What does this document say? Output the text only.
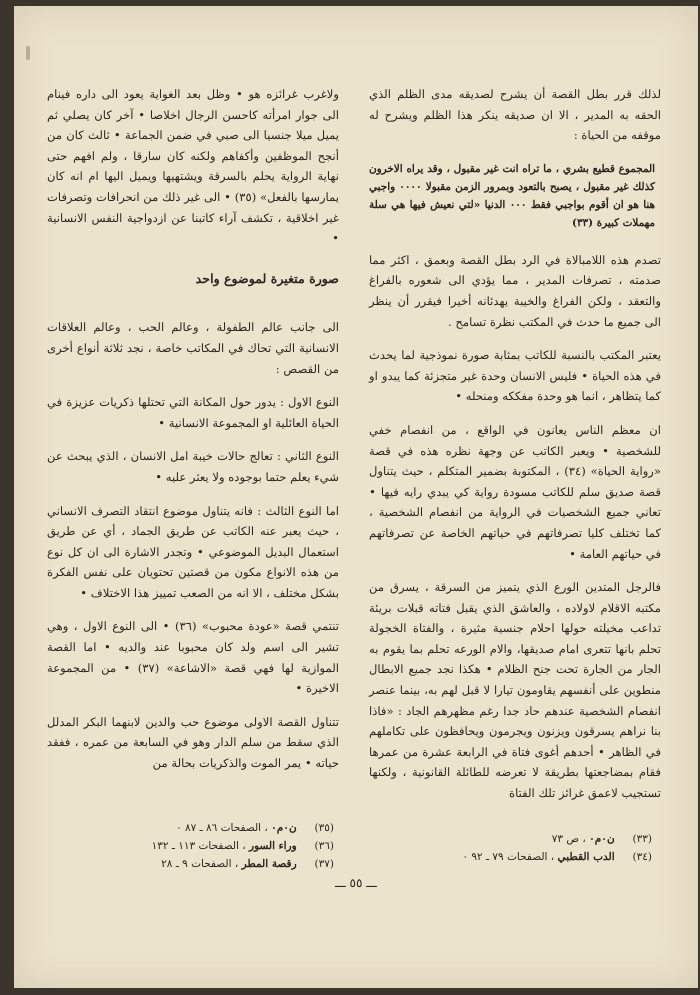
لذلك قرر بطل القصة أن يشرح لصديقه مدى الظلم الذي الحقه به المدير ، الا ان صديقه ينكر هذا الظلم ويشرح له موقفه من الحياة :

المجموع قطيع بشري ، ما تراه انت غير مقبول ، وقد يراه الاخرون كذلك غير مقبول ، يصبح بالتعود وبمرور الزمن مقبولا ٠٠٠٠ واجبي هنا هو ان أقوم بواجبي فقط ٠٠٠ الدنيا «لتي نعيش فيها هي سلة مهملات كبيرة (٣٣)

تصدم هذه اللامبالاة في الرد بطل القصة وبعمق ، اكثر مما صدمته ، تصرفات المدير ، مما يؤدي الى شعوره بالفراغ والتعقد ، ولكن الفراغ والخيبة يهدئانه أخيرا فيقرر أن ينظر الى جميع ما حدث في المكتب نظرة تسامح .

يعتبر المكتب بالنسبة للكاتب بمثابة صورة نموذجية لما يحدث في هذه الحياة • فليس الانسان وحدة غير متجزئة كما يبدو او كما يتظاهر ، انما هو وحدة مفككه ومنحله •

ان معظم الناس يعانون في الواقع ، من انفصام خفي للشخصية • ويعبر الكاتب عن وجهة نظره هذه في قصة «رواية الحياة» (٣٤) ، المكتوبة بضمير المتكلم ، حيث يتناول قصة صديق سلم للكاتب مسودة رواية كي يبدي رايه فيها • تعاني جميع الشخصيات في الرواية من انفصام الشخصية ، كما تختلف كليا تصرفاتهم في حياتهم الخاصة عن تصرفاتهم في حياتهم العامة •

فالرجل المتدين الورع الذي يتميز من السرقة ، يسرق من مكتبه الاقلام لاولاده ، والعاشق الذي يقبل فتاته قبلات بريئة تداعب مخيلته حولها احلام جنسية مثيرة ، والفتاة الخجولة تحلم بانها تتعرى امام صديقها، والام الورعه تحلم بما يقوم به الجار من الجارة تحت جنح الظلام • هكذا نجد جميع الابطال منطوين على أنفسهم يقاومون تيارا لا قبل لهم به، بينما عنصر انفصام الشخصية عندهم حاد جدا رغم مظهرهم الجاد : «فاذا بنا نراهم يسرقون ويزنون ويجرمون ويحافظون على تكاملهم في الظاهر • أحدهم أغوى فتاة في الرابعة عشرة من عمرها فقام بمضاجعتها بطريقة لا تعرضه للطائلة القانونية ، ولكنها تستجيب لاعمق غرائز تلك الفتاة

ولاغرب غرائزه هو • وظل بعد الغواية يعود الى داره فينام الى جوار امرأته كاحسن الرجال اخلاصا • آخر كان يصلي ثم يميل ميلا جنسيا الى صبي في ضمن الجماعة • ثالث كان من أنجح الموظفين وأكفاهم ولكنه كان سارقا ، ولم افهم حتى نهاية الرواية يحلم بالسرقة ويشتهيها ويميل اليها ام انه كان يمارسها بالفعل» (٣٥) • الى غير ذلك من انحرافات وتصرفات غير اخلاقية ، تكشف آراء كاتبنا عن ازدواجية النفس الانسانية •

صورة متغيرة لموضوع واحد

الى جانب عالم الطفولة ، وعالم الحب ، وعالم العلاقات الانسانية التي تحاك في المكاتب خاصة ، نجد ثلاثة أنواع أخرى من القصص :

النوع الاول : يدور حول المكانة التي تحتلها ذكريات عزيزة في الحياة العائلية او المجموعة الانسانية •

النوع الثاني : تعالج حالات خيبة امل الانسان ، الذي يبحث عن شيء يعلم حتما بوجوده ولا يعثر عليه •

اما النوع الثالث : فانه يتناول موضوع انتقاد التصرف الانساني ، حيث يعبر عنه الكاتب عن طريق الجماد ، أي عن طريق استعمال البديل الموضوعي • وتجدر الاشارة الى ان كل نوع من هذه الانواع مكون من قصتين تحتويان على نفس الفكرة بشكل مختلف ، الا انه من الصعب تمييز هذا الاختلاف •

تنتمي قصة «عودة محبوب» (٣٦) • الى النوع الاول ، وهي تشير الى اسم ولد كان محبوبا عند والديه • اما القصة الموازية لها فهي قصة «الاشاعة» (٣٧) • من المجموعة الاخيرة •

تتناول القصة الاولى موضوع حب والدين لابنهما البكر المدلل الذي سقط من سلم الدار وهو في السابعة من عمره ، ففقد حياته • يمر الموت والذكريات بحالة من

(٣٣) ن٠م٠ ، ص ٧٣
(٣٤) الدب القطبي ، الصفحات ٧٩ ـ ٩٢ ٠
(٣٥) ن٠م٠ ، الصفحات ٨٦ ـ ٨٧ ٠
(٣٦) وراء السور ، الصفحات ١١٣ ـ ١٣٢
(٣٧) رقصة المطر ، الصفحات ٩ ـ ٢٨
ـــ ٥٥ ـــ
